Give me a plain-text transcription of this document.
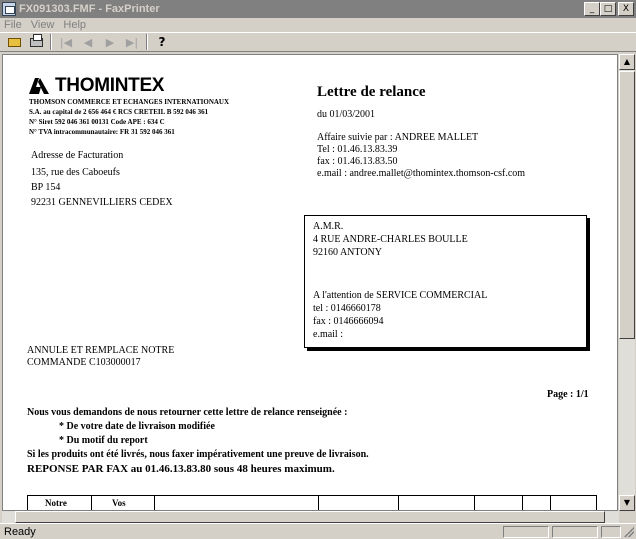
FX091303.FMF - FaxPrinter	_	□	X
File View Help
|◀	◀	▶	▶|	?
THOMINTEX
THOMSON COMMERCE ET ECHANGES INTERNATIONAUX
S.A. au capital de 2 656 464 € RCS CRETEIL B 592 046 361
N° Siret 592 046 361 00131 Code APE : 634 C
N° TVA intracommunautaire: FR 31 592 046 361
Adresse de Facturation
135, rue des Caboeufs
BP 154
92231 GENNEVILLIERS CEDEX
Lettre de relance
du 01/03/2001
Affaire suivie par : ANDREE MALLET
Tel : 01.46.13.83.39
fax : 01.46.13.83.50
e.mail : andree.mallet@thomintex.thomson-csf.com
A.M.R.
4 RUE ANDRE-CHARLES BOULLE
92160 ANTONY
A l'attention de SERVICE COMMERCIAL
tel : 0146660178
fax : 0146666094
e.mail :
ANNULE ET REMPLACE NOTRE
COMMANDE C103000017
Page : 1/1
Nous vous demandons de nous retourner cette lettre de relance renseignée :
* De votre date de livraison modifiée
* Du motif du report
Si les produits ont été livrés, nous faxer impérativement une preuve de livraison.
REPONSE PAR FAX au 01.46.13.83.80 sous 48 heures maximum.
Notre	Vos
▲
▼
Ready
